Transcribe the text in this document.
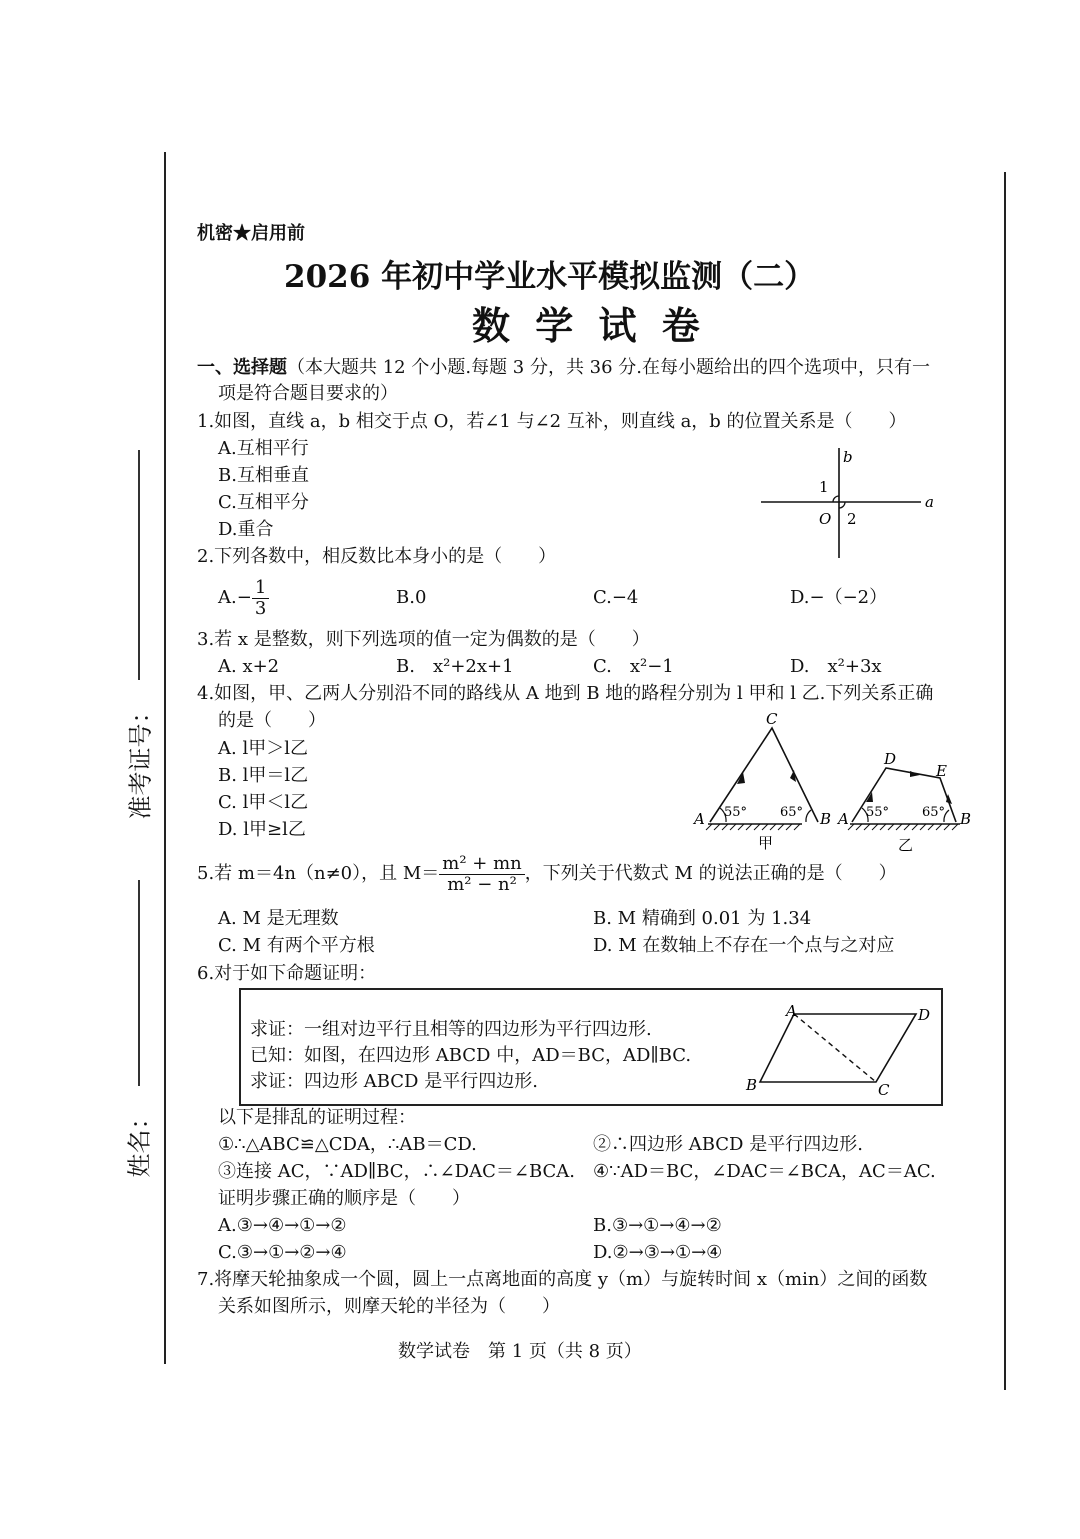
准考证号：
姓名：
机密★启用前
2026 年初中学业水平模拟监测（二）
数 学 试 卷
一、选择题（本大题共 12 个小题.每题 3 分，共 36 分.在每小题给出的四个选项中，只有一
项是符合题目要求的）
1.如图，直线 a，b 相交于点 O，若∠1 与∠2 互补，则直线 a，b 的位置关系是（　　）
A.互相平行
B.互相垂直
C.互相平分
D.重合
b
a
O
1
2
2.下列各数中，相反数比本身小的是（　　）
$A.- \frac{1}{3}$	B.0	C.−4	D.−（−2）
3.若 x 是整数，则下列选项的值一定为偶数的是（　　）
A. x+2	B.　x²+2x+1	C.　x²−1	D.　x²+3x
4.如图，甲、乙两人分别沿不同的路线从 A 地到 B 地的路程分别为 l 甲和 l 乙.下列关系正确
的是（　　）
A. l甲＞l乙
B. l甲＝l乙
C. l甲＜l乙
D. l甲≥l乙
C
A	B
55°	65°
甲
D
E
A	B
55°	65°
乙
5.若 m＝4n（n≠0），且 $M= \frac{\text{m² + mn}}{\text{m² − n²}}$ ，下列关于代数式 M 的说法正确的是（　　）
A. M 是无理数	B. M 精确到 0.01 为 1.34
C. M 有两个平方根	D. M 在数轴上不存在一个点与之对应
6.对于如下命题证明：
求证：一组对边平行且相等的四边形为平行四边形.
已知：如图，在四边形 ABCD 中，AD＝BC，AD∥BC.
求证：四边形 ABCD 是平行四边形.
A	D
B	C
以下是排乱的证明过程：
①∴△ABC≌△CDA，∴AB＝CD.	②∴四边形 ABCD 是平行四边形.
③连接 AC，∵AD∥BC，∴∠DAC＝∠BCA. ④∵AD＝BC，∠DAC＝∠BCA，AC＝AC.
证明步骤正确的顺序是（　　）
A.③→④→①→②	B.③→①→④→②
C.③→①→②→④	D.②→③→①→④
7.将摩天轮抽象成一个圆，圆上一点离地面的高度 y（m）与旋转时间 x（min）之间的函数
关系如图所示，则摩天轮的半径为（　　）
数学试卷　第 1 页（共 8 页）
